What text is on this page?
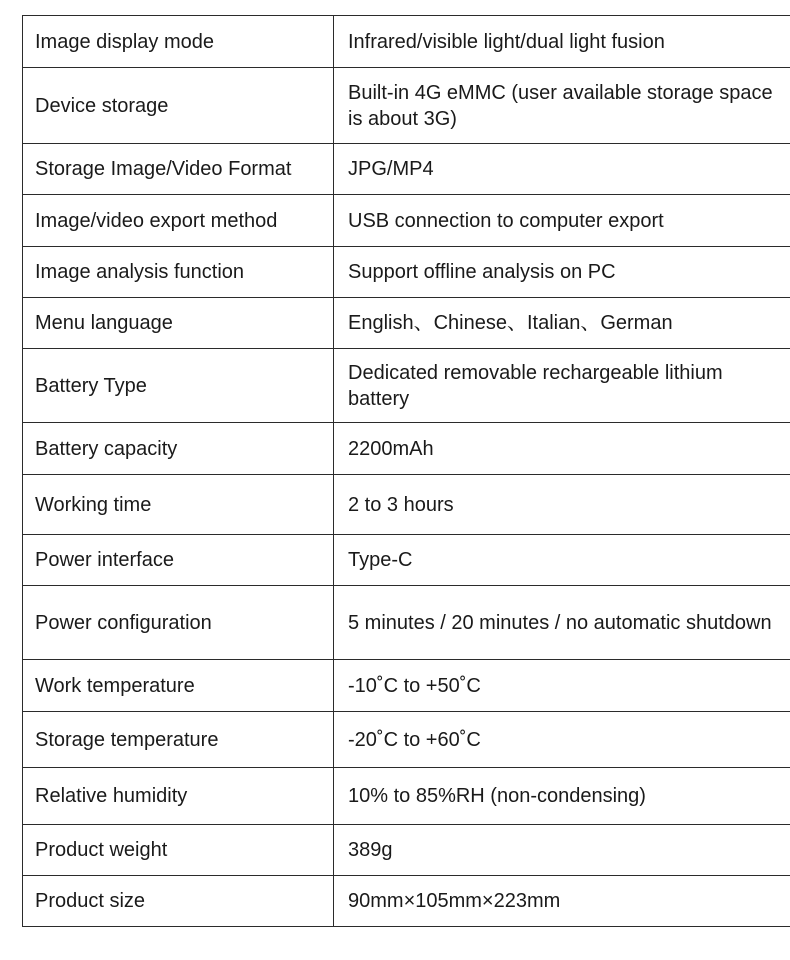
Image display mode	Infrared/visible light/dual light fusion
Device storage	Built-in 4G eMMC (user available storage space is about 3G)
Storage Image/Video Format	JPG/MP4
Image/video export method	USB connection to computer export
Image analysis function	Support offline analysis on PC
Menu language	English、Chinese、Italian、German
Battery Type	Dedicated removable rechargeable lithium battery
Battery capacity	2200mAh
Working time	2 to 3 hours
Power interface	Type-C
Power configuration	5 minutes / 20 minutes / no automatic shutdown
Work temperature	-10˚C to +50˚C
Storage temperature	-20˚C to +60˚C
Relative humidity	10% to 85%RH (non-condensing)
Product weight	389g
Product size	90mm×105mm×223mm
